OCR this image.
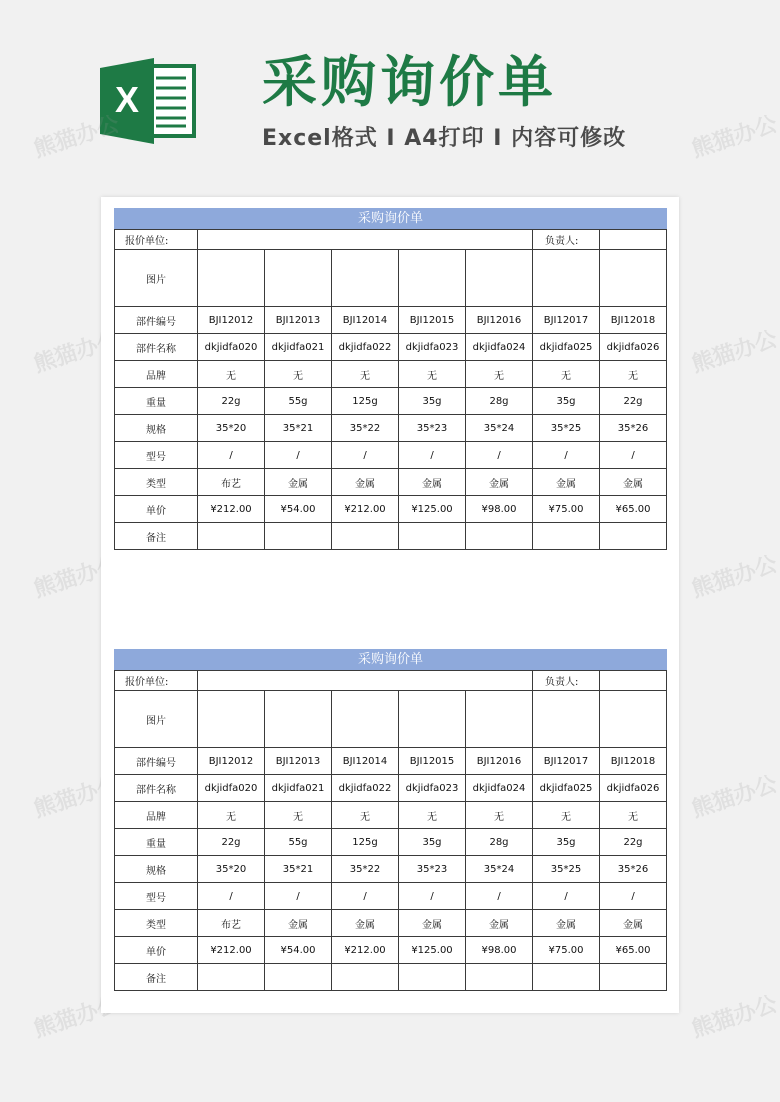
X 采购询价单
Excel格式 I A4打印 I 内容可修改
熊猫办公	熊猫办公
熊猫办公	熊猫办公
熊猫办公	熊猫办公
熊猫办公	熊猫办公
熊猫办公	熊猫办公
采购询价单
报价单位:						负责人:	
图片							
部件编号	BJI12012	BJI12013	BJI12014	BJI12015	BJI12016	BJI12017	BJI12018
部件名称	dkjidfa020	dkjidfa021	dkjidfa022	dkjidfa023	dkjidfa024	dkjidfa025	dkjidfa026
品牌	无	无	无	无	无	无	无
重量	22g	55g	125g	35g	28g	35g	22g
规格	35*20	35*21	35*22	35*23	35*24	35*25	35*26
型号	/	/	/	/	/	/	/
类型	布艺	金属	金属	金属	金属	金属	金属
单价	¥212.00	¥54.00	¥212.00	¥125.00	¥98.00	¥75.00	¥65.00
备注							
采购询价单
报价单位:						负责人:	
图片							
部件编号	BJI12012	BJI12013	BJI12014	BJI12015	BJI12016	BJI12017	BJI12018
部件名称	dkjidfa020	dkjidfa021	dkjidfa022	dkjidfa023	dkjidfa024	dkjidfa025	dkjidfa026
品牌	无	无	无	无	无	无	无
重量	22g	55g	125g	35g	28g	35g	22g
规格	35*20	35*21	35*22	35*23	35*24	35*25	35*26
型号	/	/	/	/	/	/	/
类型	布艺	金属	金属	金属	金属	金属	金属
单价	¥212.00	¥54.00	¥212.00	¥125.00	¥98.00	¥75.00	¥65.00
备注							
